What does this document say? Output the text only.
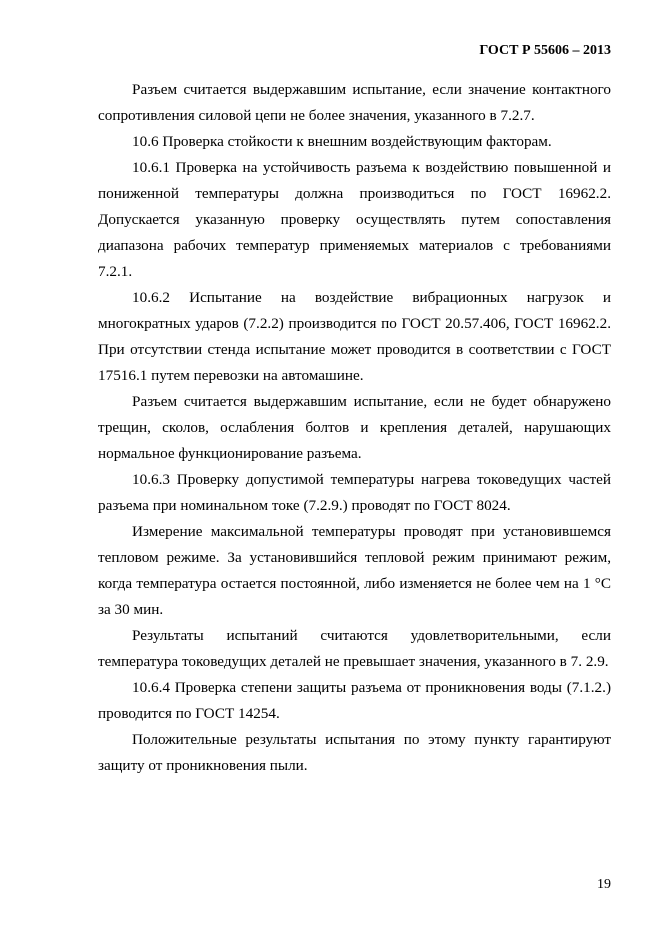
ГОСТ Р 55606 – 2013

Разъем считается выдержавшим испытание, если значение контактного сопротивления силовой цепи не более значения, указанного в 7.2.7.

10.6 Проверка стойкости к внешним воздействующим факторам.

10.6.1 Проверка на устойчивость разъема к воздействию повышенной и пониженной температуры должна производиться по ГОСТ 16962.2. Допускается указанную проверку осуществлять путем сопоставления диапазона рабочих температур применяемых материалов с требованиями 7.2.1.

10.6.2 Испытание на воздействие вибрационных нагрузок и многократных ударов (7.2.2) производится по ГОСТ 20.57.406, ГОСТ 16962.2. При отсутствии стенда испытание может проводится в соответствии с ГОСТ 17516.1 путем перевозки на автомашине.

Разъем считается выдержавшим испытание, если не будет обнаружено трещин, сколов, ослабления болтов и крепления деталей, нарушающих нормальное функционирование разъема.

10.6.3 Проверку допустимой температуры нагрева токоведущих частей разъема при номинальном токе (7.2.9.) проводят по ГОСТ 8024.

Измерение максимальной температуры проводят при установившемся тепловом режиме. За установившийся тепловой режим принимают режим, когда температура остается постоянной, либо изменяется не более чем на 1 °С за 30 мин.

Результаты испытаний считаются удовлетворительными, если температура токоведущих деталей не превышает значения, указанного в 7. 2.9.

10.6.4 Проверка степени защиты разъема от проникновения воды (7.1.2.) проводится по ГОСТ 14254.

Положительные результаты испытания по этому пункту гарантируют защиту от проникновения пыли.

19
